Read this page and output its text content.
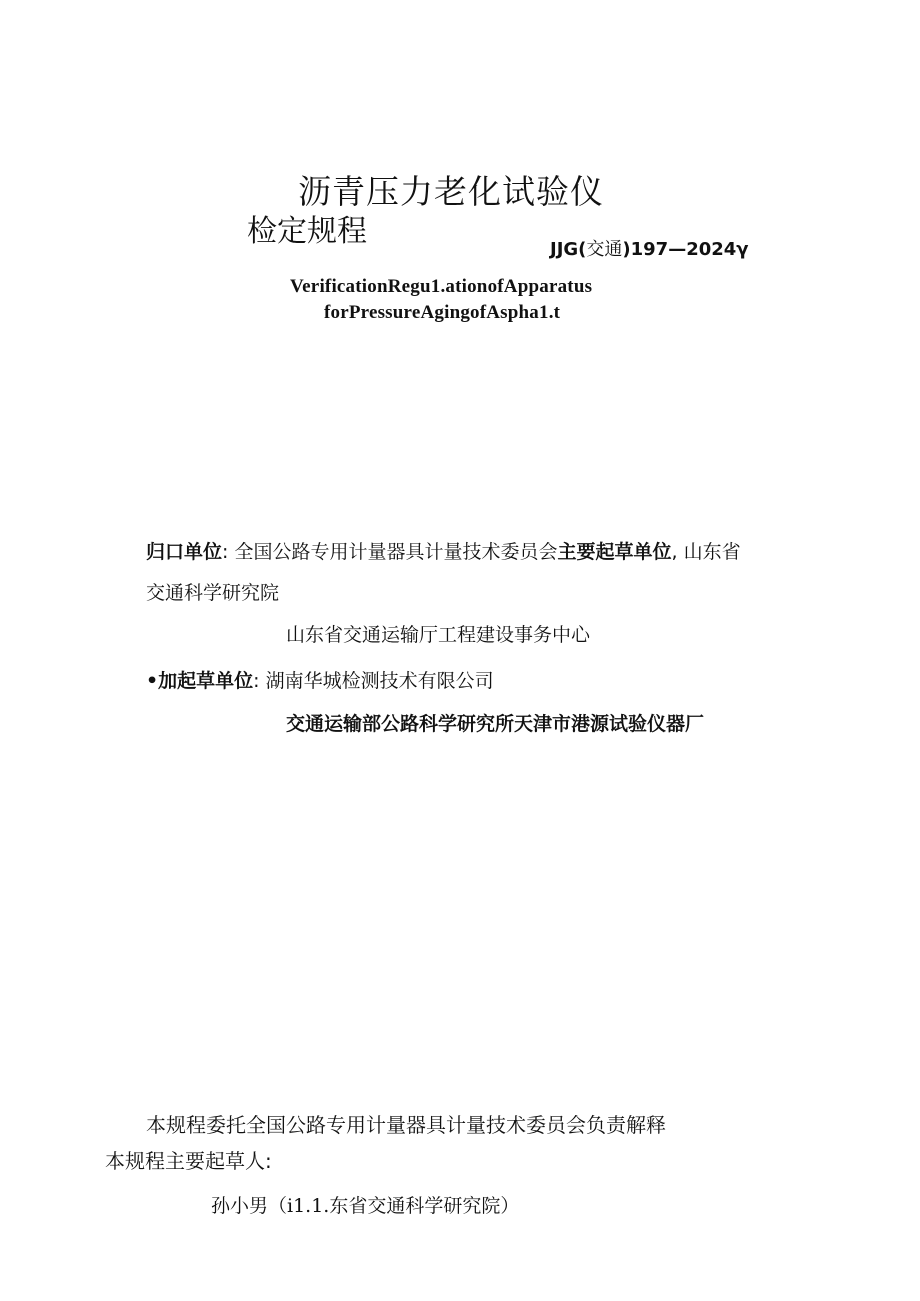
沥青压力老化试验仪
检定规程
JJG(交通)197—2024γ
VerificationRegu1.ationofApparatus
forPressureAgingofAspha1.t
归口单位: 全国公路专用计量器具计量技术委员会主要起草单位, 山东省
交通科学研究院
山东省交通运输厅工程建设事务中心
•加起草单位: 湖南华城检测技术有限公司
交通运输部公路科学研究所天津市港源试验仪器厂
本规程委托全国公路专用计量器具计量技术委员会负责解释
本规程主要起草人:
孙小男（i1.1.东省交通科学研究院）
